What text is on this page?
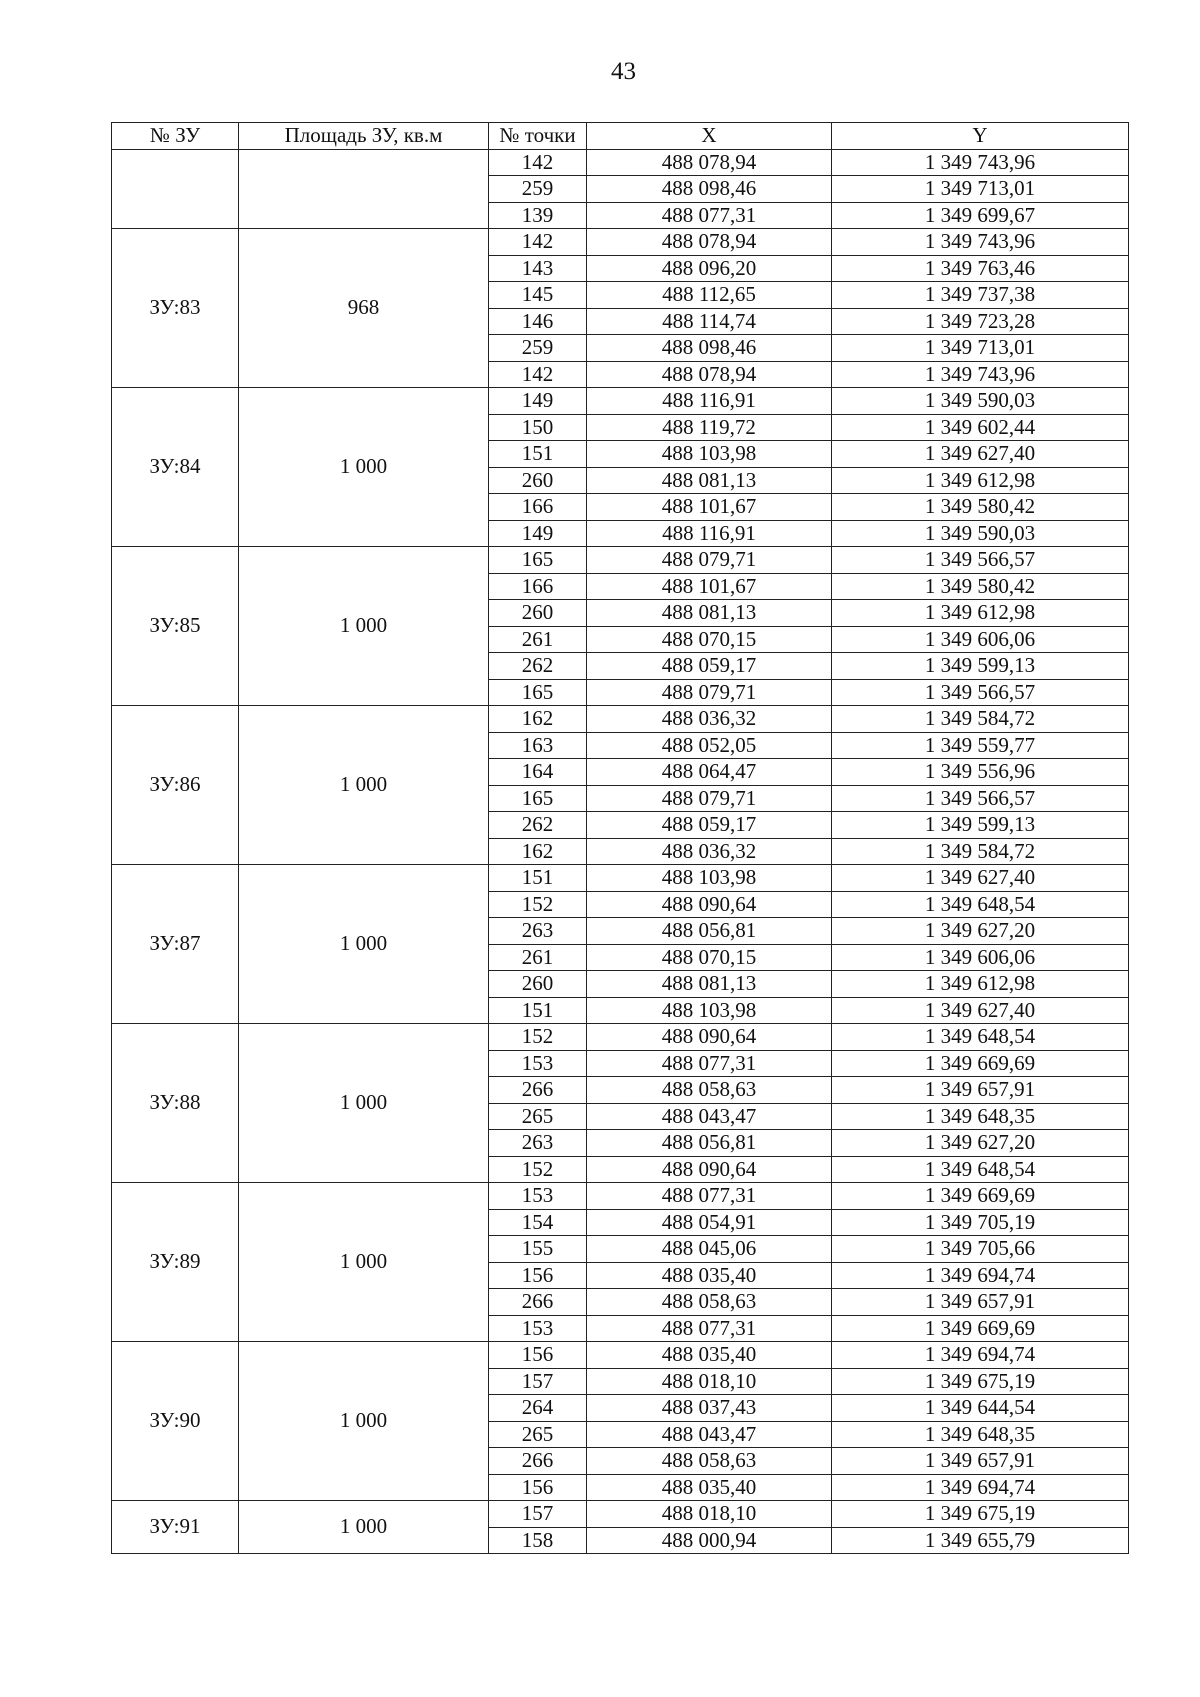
43
№ ЗУ	Площадь ЗУ, кв.м	№ точки	X	Y
		142	488 078,94	1 349 743,96
		259	488 098,46	1 349 713,01
		139	488 077,31	1 349 699,67
ЗУ:83	968	142	488 078,94	1 349 743,96
		143	488 096,20	1 349 763,46
		145	488 112,65	1 349 737,38
		146	488 114,74	1 349 723,28
		259	488 098,46	1 349 713,01
		142	488 078,94	1 349 743,96
ЗУ:84	1 000	149	488 116,91	1 349 590,03
		150	488 119,72	1 349 602,44
		151	488 103,98	1 349 627,40
		260	488 081,13	1 349 612,98
		166	488 101,67	1 349 580,42
		149	488 116,91	1 349 590,03
ЗУ:85	1 000	165	488 079,71	1 349 566,57
		166	488 101,67	1 349 580,42
		260	488 081,13	1 349 612,98
		261	488 070,15	1 349 606,06
		262	488 059,17	1 349 599,13
		165	488 079,71	1 349 566,57
ЗУ:86	1 000	162	488 036,32	1 349 584,72
		163	488 052,05	1 349 559,77
		164	488 064,47	1 349 556,96
		165	488 079,71	1 349 566,57
		262	488 059,17	1 349 599,13
		162	488 036,32	1 349 584,72
ЗУ:87	1 000	151	488 103,98	1 349 627,40
		152	488 090,64	1 349 648,54
		263	488 056,81	1 349 627,20
		261	488 070,15	1 349 606,06
		260	488 081,13	1 349 612,98
		151	488 103,98	1 349 627,40
ЗУ:88	1 000	152	488 090,64	1 349 648,54
		153	488 077,31	1 349 669,69
		266	488 058,63	1 349 657,91
		265	488 043,47	1 349 648,35
		263	488 056,81	1 349 627,20
		152	488 090,64	1 349 648,54
ЗУ:89	1 000	153	488 077,31	1 349 669,69
		154	488 054,91	1 349 705,19
		155	488 045,06	1 349 705,66
		156	488 035,40	1 349 694,74
		266	488 058,63	1 349 657,91
		153	488 077,31	1 349 669,69
ЗУ:90	1 000	156	488 035,40	1 349 694,74
		157	488 018,10	1 349 675,19
		264	488 037,43	1 349 644,54
		265	488 043,47	1 349 648,35
		266	488 058,63	1 349 657,91
		156	488 035,40	1 349 694,74
ЗУ:91	1 000	157	488 018,10	1 349 675,19
		158	488 000,94	1 349 655,79
